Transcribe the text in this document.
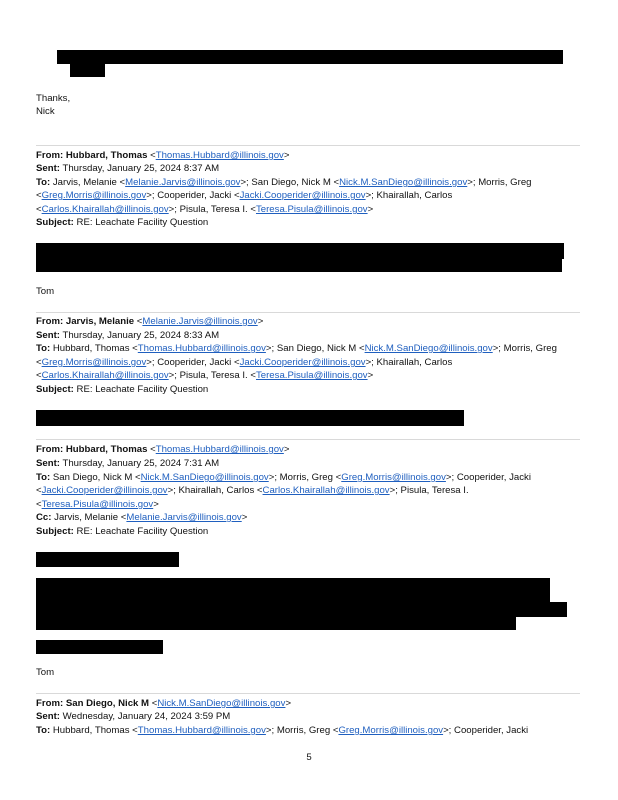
Thanks,
Nick
From: Hubbard, Thomas <Thomas.Hubbard@illinois.gov>
Sent: Thursday, January 25, 2024 8:37 AM
To: Jarvis, Melanie <Melanie.Jarvis@illinois.gov>; San Diego, Nick M <Nick.M.SanDiego@illinois.gov>; Morris, Greg
<Greg.Morris@illinois.gov>; Cooperider, Jacki <Jacki.Cooperider@illinois.gov>; Khairallah, Carlos
<Carlos.Khairallah@illinois.gov>; Pisula, Teresa I. <Teresa.Pisula@illinois.gov>
Subject: RE: Leachate Facility Question
Tom
From: Jarvis, Melanie <Melanie.Jarvis@illinois.gov>
Sent: Thursday, January 25, 2024 8:33 AM
To: Hubbard, Thomas <Thomas.Hubbard@illinois.gov>; San Diego, Nick M <Nick.M.SanDiego@illinois.gov>; Morris, Greg
<Greg.Morris@illinois.gov>; Cooperider, Jacki <Jacki.Cooperider@illinois.gov>; Khairallah, Carlos
<Carlos.Khairallah@illinois.gov>; Pisula, Teresa I. <Teresa.Pisula@illinois.gov>
Subject: RE: Leachate Facility Question
From: Hubbard, Thomas <Thomas.Hubbard@illinois.gov>
Sent: Thursday, January 25, 2024 7:31 AM
To: San Diego, Nick M <Nick.M.SanDiego@illinois.gov>; Morris, Greg <Greg.Morris@illinois.gov>; Cooperider, Jacki
<Jacki.Cooperider@illinois.gov>; Khairallah, Carlos <Carlos.Khairallah@illinois.gov>; Pisula, Teresa I.
<Teresa.Pisula@illinois.gov>
Cc: Jarvis, Melanie <Melanie.Jarvis@illinois.gov>
Subject: RE: Leachate Facility Question
Tom
From: San Diego, Nick M <Nick.M.SanDiego@illinois.gov>
Sent: Wednesday, January 24, 2024 3:59 PM
To: Hubbard, Thomas <Thomas.Hubbard@illinois.gov>; Morris, Greg <Greg.Morris@illinois.gov>; Cooperider, Jacki
5
